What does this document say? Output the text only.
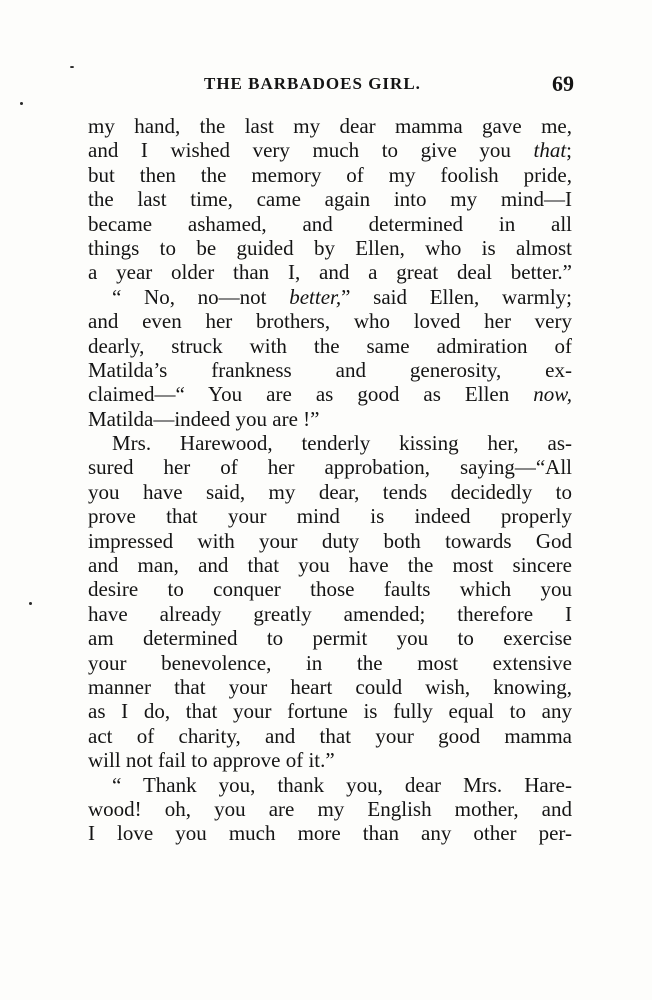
THE BARBADOES GIRL.	69
my hand, the last my dear mamma gave me,
and I wished very much to give you that;
but then the memory of my foolish pride,
the last time, came again into my mind—I
became ashamed, and determined in all
things to be guided by Ellen, who is almost
a year older than I, and a great deal better.”
“ No, no—not better,” said Ellen, warmly;
and even her brothers, who loved her very
dearly, struck with the same admiration of
Matilda’s frankness and generosity, ex-
claimed—“ You are as good as Ellen now,
Matilda—indeed you are !”
Mrs. Harewood, tenderly kissing her, as-
sured her of her approbation, saying—“All
you have said, my dear, tends decidedly to
prove that your mind is indeed properly
impressed with your duty both towards God
and man, and that you have the most sincere
desire to conquer those faults which you
have already greatly amended; therefore I
am determined to permit you to exercise
your benevolence, in the most extensive
manner that your heart could wish, knowing,
as I do, that your fortune is fully equal to any
act of charity, and that your good mamma
will not fail to approve of it.”
“ Thank you, thank you, dear Mrs. Hare-
wood! oh, you are my English mother, and
I love you much more than any other per-
